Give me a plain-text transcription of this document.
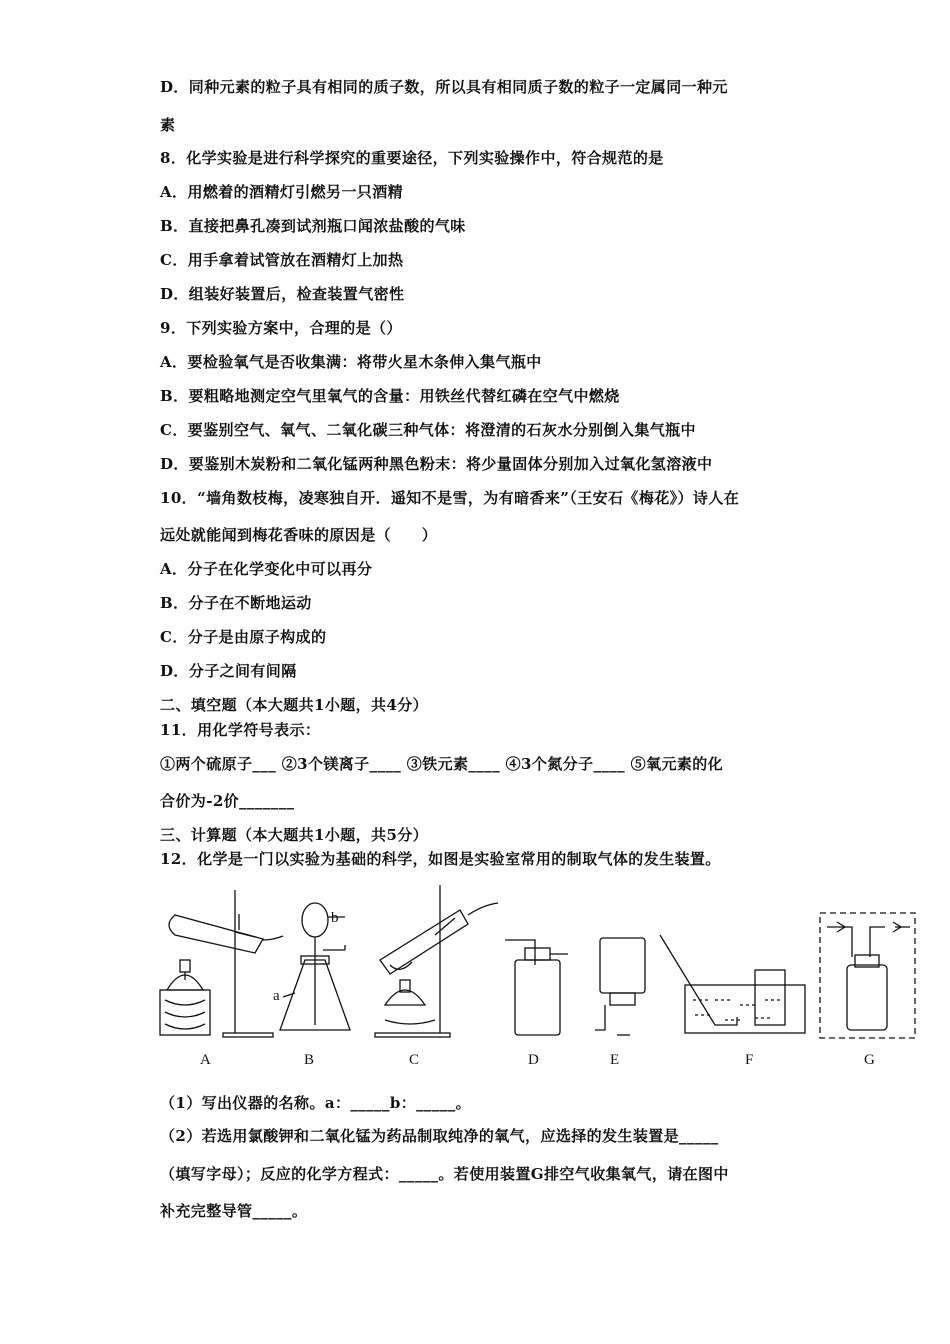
D．同种元素的粒子具有相同的质子数，所以具有相同质子数的粒子一定属同一种元
素
8．化学实验是进行科学探究的重要途径，下列实验操作中，符合规范的是
A．用燃着的酒精灯引燃另一只酒精
B．直接把鼻孔凑到试剂瓶口闻浓盐酸的气味
C．用手拿着试管放在酒精灯上加热
D．组装好装置后，检查装置气密性
9．下列实验方案中，合理的是（）
A．要检验氧气是否收集满：将带火星木条伸入集气瓶中
B．要粗略地测定空气里氧气的含量：用铁丝代替红磷在空气中燃烧
C．要鉴别空气、氧气、二氧化碳三种气体：将澄清的石灰水分别倒入集气瓶中
D．要鉴别木炭粉和二氧化锰两种黑色粉末：将少量固体分别加入过氧化氢溶液中
10．“墙角数枝梅，凌寒独自开．遥知不是雪，为有暗香来”（王安石《梅花》）诗人在
远处就能闻到梅花香味的原因是（　　）
A．分子在化学变化中可以再分
B．分子在不断地运动
C．分子是由原子构成的
D．分子之间有间隔
二、填空题（本大题共1小题，共4分）
11．用化学符号表示：
①两个硫原子___ ②3个镁离子____ ③铁元素____ ④3个氮分子____ ⑤氧元素的化
合价为-2价_______
三、计算题（本大题共1小题，共5分）
12．化学是一门以实验为基础的科学，如图是实验室常用的制取气体的发生装置。
b
a
A	B	C	D	E	F	G
（1）写出仪器的名称。a：_____b：_____。
（2）若选用氯酸钾和二氧化锰为药品制取纯净的氧气，应选择的发生装置是_____
（填写字母）；反应的化学方程式：_____。若使用装置G排空气收集氧气，请在图中
补充完整导管_____。
